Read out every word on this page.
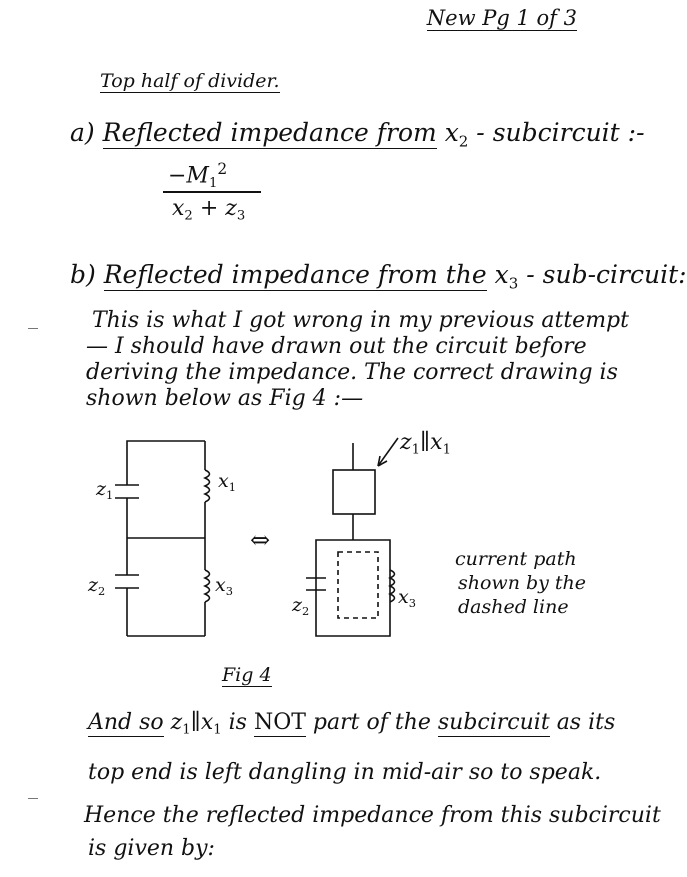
New Pg 1 of 3
Top half of divider.
a) Reflected impedance from $x_2$ - subcircuit :-
$-M_1^2$
$x_2 + z_3$
b) Reflected impedance from the $x_3$ - sub-circuit:
This is what I got wrong in my previous attempt
— I should have drawn out the circuit before
deriving the impedance. The correct drawing is
shown below as Fig 4 :—
$z_1$
$x_1$
$z_2$	$x_3$
⇔
$z_1\parallel x_1$
$z_2$
$x_3$
current path
shown by the
dashed line
Fig 4
And so $z_1\parallel x_1$ is NOT part of the subcircuit as its
top end is left dangling in mid-air so to speak.
Hence the reflected impedance from this subcircuit
is given by:
